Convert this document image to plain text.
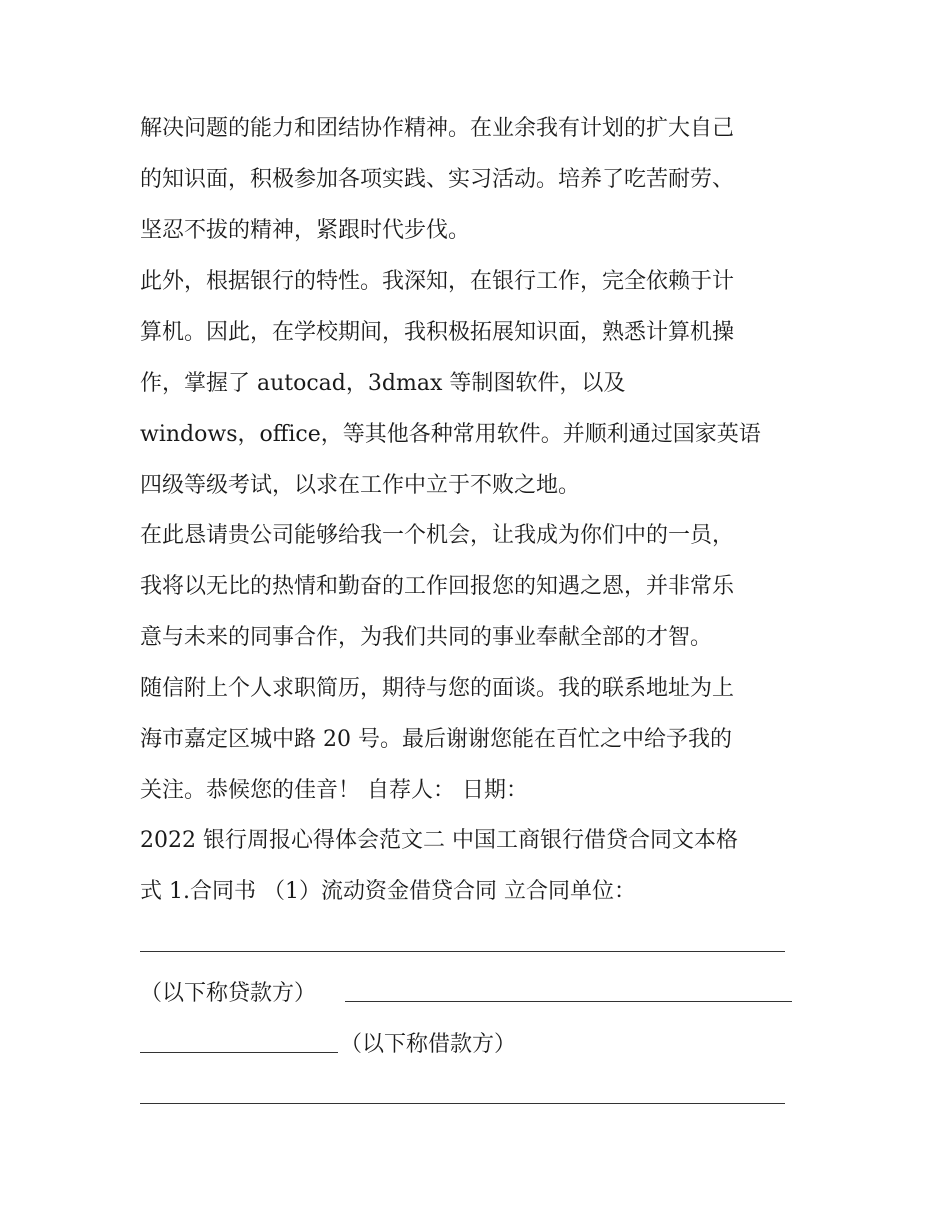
解决问题的能力和团结协作精神。在业余我有计划的扩大自己
的知识面，积极参加各项实践、实习活动。培养了吃苦耐劳、
坚忍不拔的精神，紧跟时代步伐。
此外，根据银行的特性。我深知，在银行工作，完全依赖于计
算机。因此，在学校期间，我积极拓展知识面，熟悉计算机操
作，掌握了 autocad，3dmax 等制图软件，以及
windows，office，等其他各种常用软件。并顺利通过国家英语
四级等级考试，以求在工作中立于不败之地。
在此恳请贵公司能够给我一个机会，让我成为你们中的一员，
我将以无比的热情和勤奋的工作回报您的知遇之恩，并非常乐
意与未来的同事合作，为我们共同的事业奉献全部的才智。
随信附上个人求职简历，期待与您的面谈。我的联系地址为上
海市嘉定区城中路 20 号。最后谢谢您能在百忙之中给予我的
关注。恭候您的佳音！ 自荐人： 日期：
2022 银行周报心得体会范文二 中国工商银行借贷合同文本格
式 1.合同书 （1）流动资金借贷合同 立合同单位：
（以下称贷款方）
（以下称借款方）
